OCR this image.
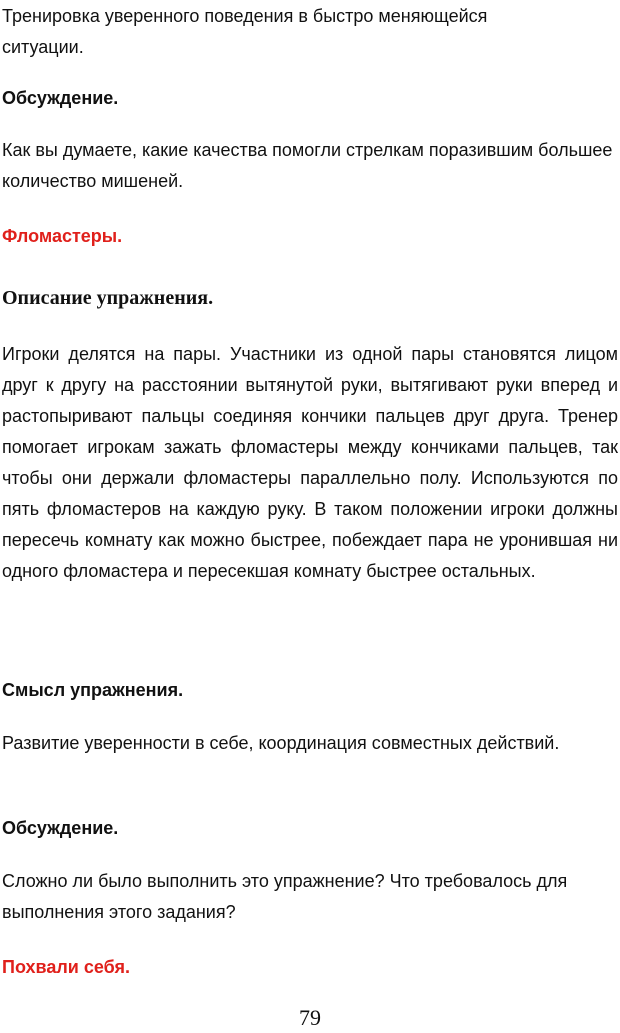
Тренировка уверенного поведения в быстро меняющейся ситуации.

Обсуждение.

Как вы думаете, какие качества помогли стрелкам поразившим большее количество мишеней.

Фломастеры.

Описание упражнения.

Игроки делятся на пары. Участники из одной пары становятся лицом друг к другу на расстоянии вытянутой руки, вытягивают руки вперед и растопыривают пальцы соединяя кончики пальцев друг друга. Тренер помогает игрокам зажать фломастеры между кончиками пальцев, так чтобы они держали фломастеры параллельно полу. Используются по пять фломастеров на каждую руку. В таком положении игроки должны пересечь комнату как можно быстрее, побеждает пара не уронившая ни одного фломастера и пересекшая комнату быстрее остальных.

Смысл упражнения.

Развитие уверенности в себе, координация совместных действий.

Обсуждение.

Сложно ли было выполнить это упражнение? Что требовалось для выполнения этого задания?

Похвали себя.

79
